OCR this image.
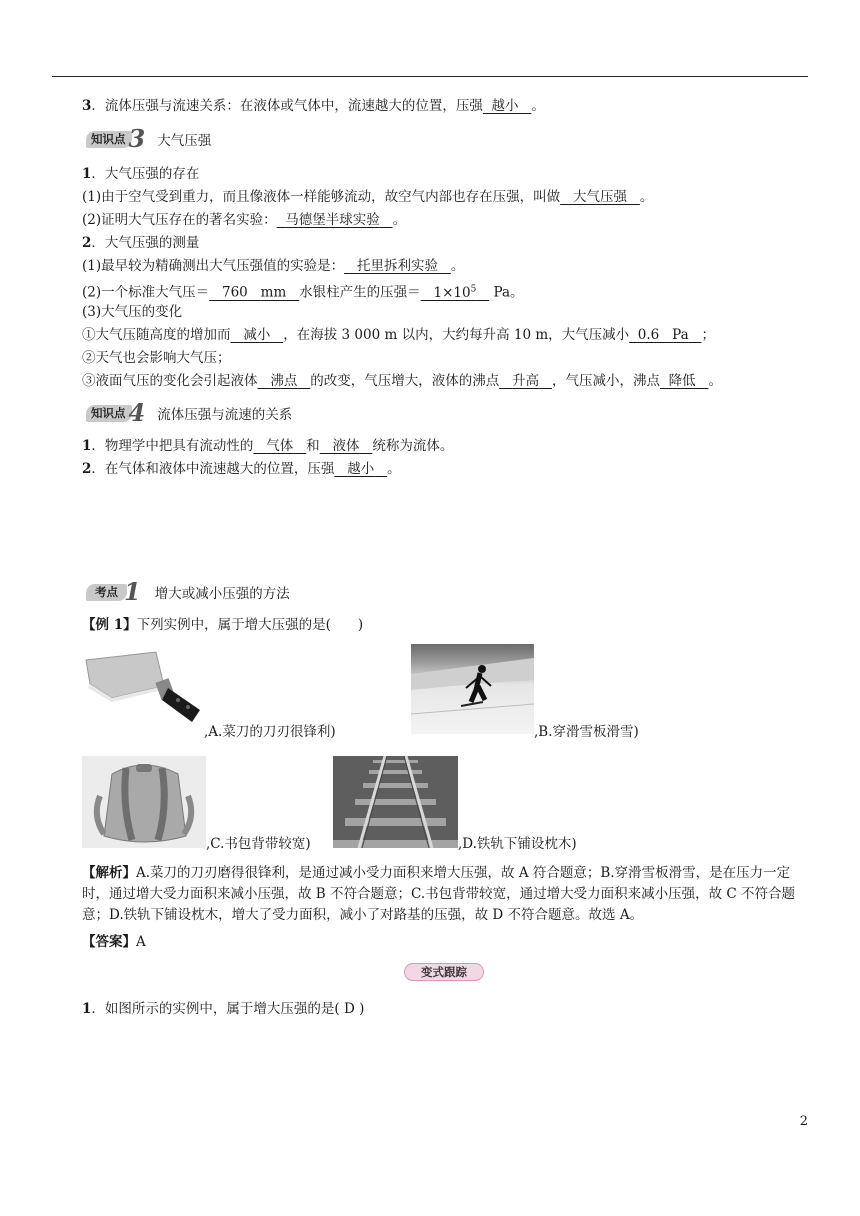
3．流体压强与流速关系：在液体或气体中，流速越大的位置，压强 越小 。
知识点 3 大气压强
1．大气压强的存在
(1)由于空气受到重力，而且像液体一样能够流动，故空气内部也存在压强，叫做 大气压强 。
(2)证明大气压存在的著名实验： 马德堡半球实验 。
2．大气压强的测量
(1)最早较为精确测出大气压强值的实验是： 托里拆利实验 。
(2)一个标准大气压＝ 760 mm 水银柱产生的压强＝ $1\times 10^5$ Pa。
(3)大气压的变化
①大气压随高度的增加而 减小 ，在海拔 3 000 m 以内，大约每升高 10 m，大气压减小 0.6 Pa ；
②天气也会影响大气压；
③液面气压的变化会引起液体 沸点 的改变，气压增大，液体的沸点 升高 ，气压减小，沸点 降低 。
知识点 4 流体压强与流速的关系
1．物理学中把具有流动性的 气体 和 液体 统称为流体。
2．在气体和液体中流速越大的位置，压强 越小 。
考点 1 增大或减小压强的方法
【例 1】下列实例中，属于增大压强的是(　　)
,A.菜刀的刀刃很锋利)	,B.穿滑雪板滑雪)
,C.书包背带较宽)	,D.铁轨下铺设枕木)
【解析】A.菜刀的刀刃磨得很锋利，是通过减小受力面积来增大压强，故 A 符合题意；B.穿滑雪板滑雪，是在压力一定时，通过增大受力面积来减小压强，故 B 不符合题意；C.书包背带较宽，通过增大受力面积来减小压强，故 C 不符合题意；D.铁轨下铺设枕木，增大了受力面积，减小了对路基的压强，故 D 不符合题意。故选 A。
【答案】A
变式跟踪
1．如图所示的实例中，属于增大压强的是( D )
2
